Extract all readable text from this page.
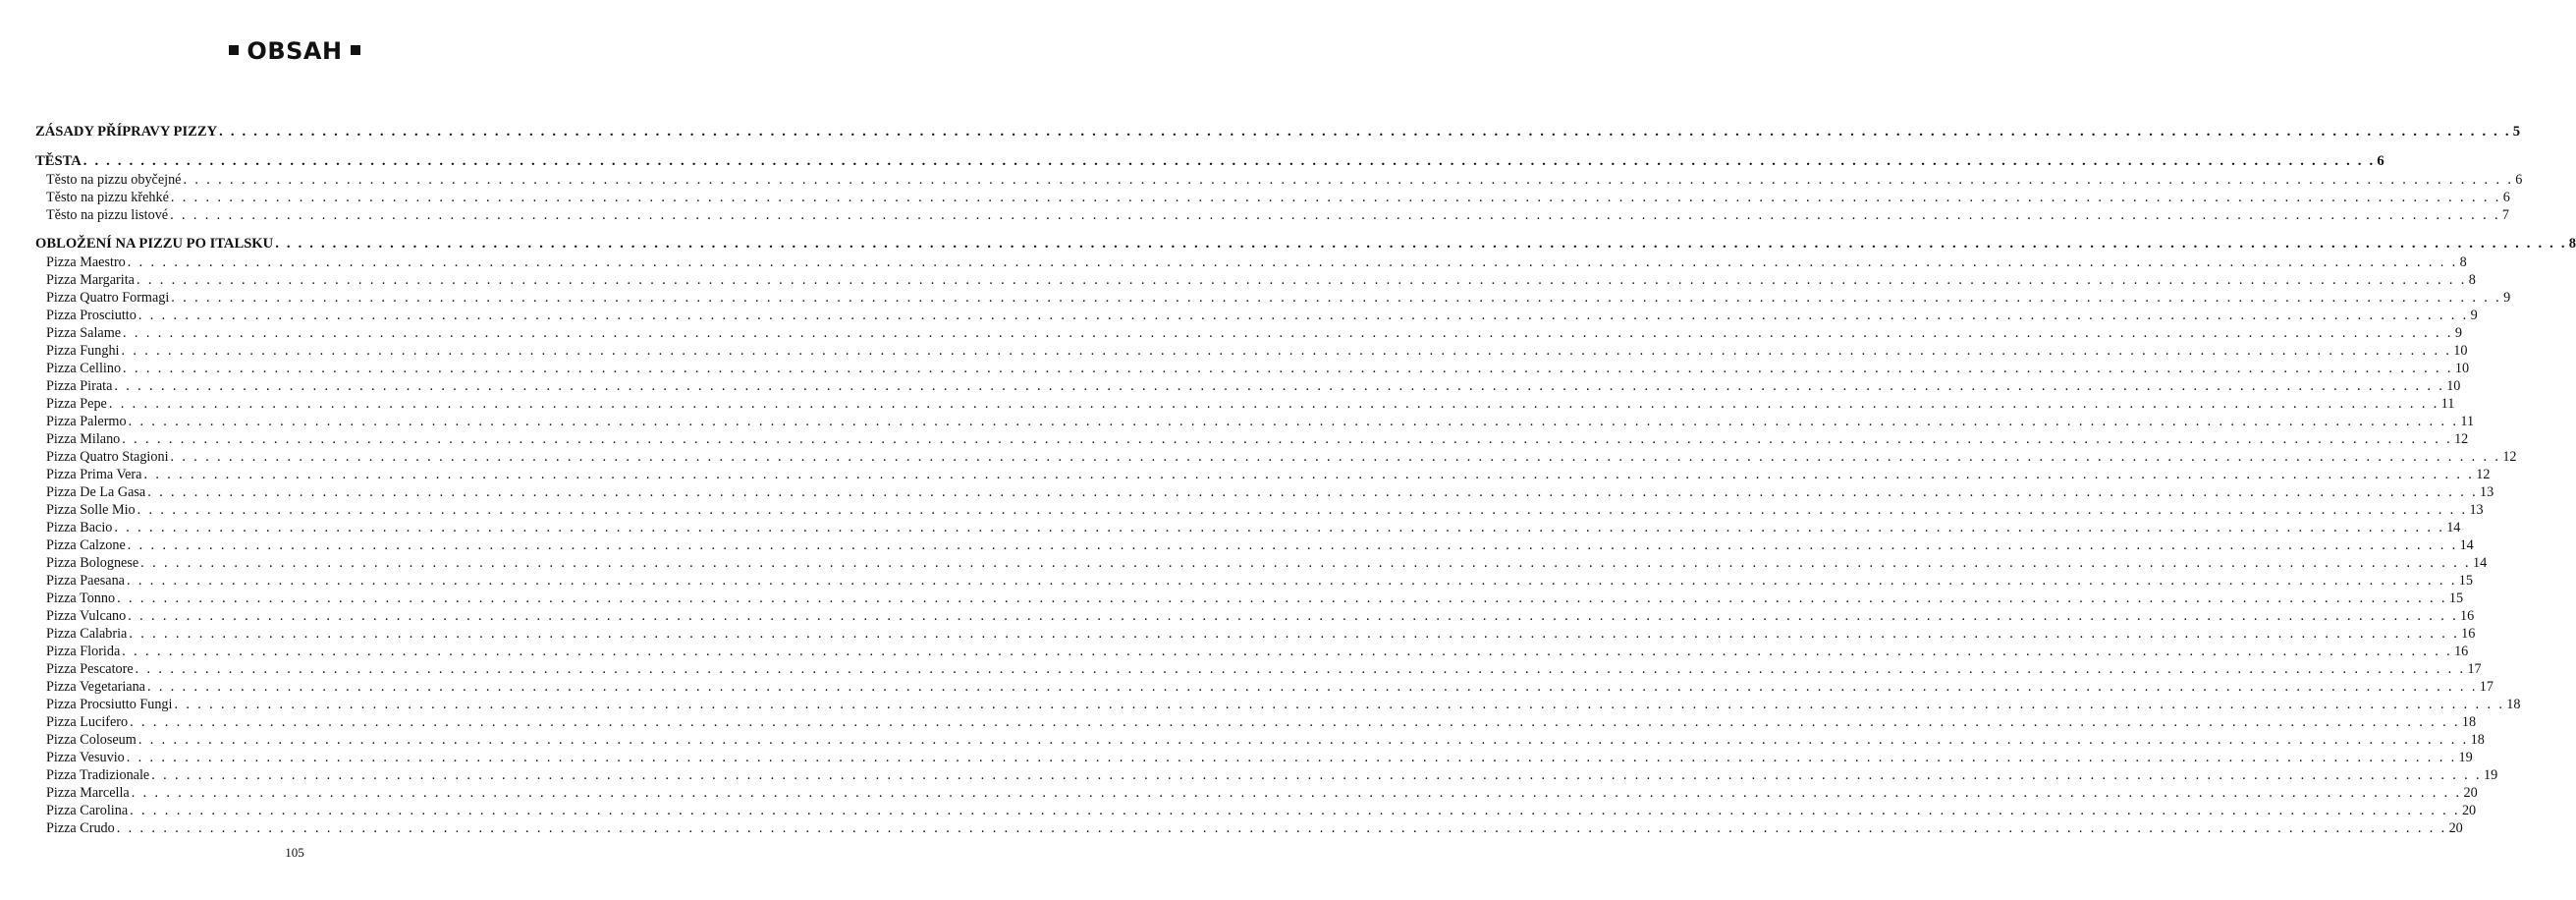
OBSAH
ZÁSADY PŘÍPRAVY PIZZY . . . . . . . . . . . . . . . . . . . . . . . . . . . . . . . . . . . . . . . . . . . . . . . . . . . . . . . . . . . . . . . . . . . . . . . . . . . . . . . . . . . . . . . . . . . . . . . . . . . . . . . . . . . . . . . . . . . . . . . . . . . . . . . . . . . . . . . . . . . . . . . . . . . . . . . . . . . . . . . . . . . . . . . . . . . . . . . . . . . . . . . . . . . . . . . . . . . . . . . . 5
TĚSTA . . . . . . . . . . . . . . . . . . . . . . . . . . . . . . . . . . . . . . . . . . . . . . . . . . . . . . . . . . . . . . . . . . . . . . . . . . . . . . . . . . . . . . . . . . . . . . . . . . . . . . . . . . . . . . . . . . . . . . . . . . . . . . . . . . . . . . . . . . . . . . . . . . . . . . . . . . . . . . . . . . . . . . . . . . . . . . . . . . . . . . . . . . . . . . . . . . . . . . . . 6
Těsto na pizzu obyčejné . . . . . . . . . . . . . . . . . . . . . . . . . . . . . . . . . . . . . . . . . . . . . . . . . . . . . . . . . . . . . . . . . . . . . . . . . . . . . . . . . . . . . . . . . . . . . . . . . . . . . . . . . . . . . . . . . . . . . . . . . . . . . . . . . . . . . . . . . . . . . . . . . . . . . . . . . . . . . . . . . . . . . . . . . . . . . . . . . . . . . . . . . . . . . . . . . . . . . . . . 6
Těsto na pizzu křehké . . . . . . . . . . . . . . . . . . . . . . . . . . . . . . . . . . . . . . . . . . . . . . . . . . . . . . . . . . . . . . . . . . . . . . . . . . . . . . . . . . . . . . . . . . . . . . . . . . . . . . . . . . . . . . . . . . . . . . . . . . . . . . . . . . . . . . . . . . . . . . . . . . . . . . . . . . . . . . . . . . . . . . . . . . . . . . . . . . . . . . . . . . . . . . . . . . . . . . . . 6
Těsto na pizzu listové . . . . . . . . . . . . . . . . . . . . . . . . . . . . . . . . . . . . . . . . . . . . . . . . . . . . . . . . . . . . . . . . . . . . . . . . . . . . . . . . . . . . . . . . . . . . . . . . . . . . . . . . . . . . . . . . . . . . . . . . . . . . . . . . . . . . . . . . . . . . . . . . . . . . . . . . . . . . . . . . . . . . . . . . . . . . . . . . . . . . . . . . . . . . . . . . . . . . . . . . 7
OBLOŽENÍ NA PIZZU PO ITALSKU . . . . . . . . . . . . . . . . . . . . . . . . . . . . . . . . . . . . . . . . . . . . . . . . . . . . . . . . . . . . . . . . . . . . . . . . . . . . . . . . . . . . . . . . . . . . . . . . . . . . . . . . . . . . . . . . . . . . . . . . . . . . . . . . . . . . . . . . . . . . . . . . . . . . . . . . . . . . . . . . . . . . . . . . . . . . . . . . . . . . . . . . . . . . . . . . . . . . . . . . 8
Pizza Maestro . . . . . . . . . . . . . . . . . . . . . . . . . . . . . . . . . . . . . . . . . . . . . . . . . . . . . . . . . . . . . . . . . . . . . . . . . . . . . . . . . . . . . . . . . . . . . . . . . . . . . . . . . . . . . . . . . . . . . . . . . . . . . . . . . . . . . . . . . . . . . . . . . . . . . . . . . . . . . . . . . . . . . . . . . . . . . . . . . . . . . . . . . . . . . . . . . . . . . . . . 8
Pizza Margarita . . . . . . . . . . . . . . . . . . . . . . . . . . . . . . . . . . . . . . . . . . . . . . . . . . . . . . . . . . . . . . . . . . . . . . . . . . . . . . . . . . . . . . . . . . . . . . . . . . . . . . . . . . . . . . . . . . . . . . . . . . . . . . . . . . . . . . . . . . . . . . . . . . . . . . . . . . . . . . . . . . . . . . . . . . . . . . . . . . . . . . . . . . . . . . . . . . . . . . . . 8
Pizza Quatro Formagi . . . . . . . . . . . . . . . . . . . . . . . . . . . . . . . . . . . . . . . . . . . . . . . . . . . . . . . . . . . . . . . . . . . . . . . . . . . . . . . . . . . . . . . . . . . . . . . . . . . . . . . . . . . . . . . . . . . . . . . . . . . . . . . . . . . . . . . . . . . . . . . . . . . . . . . . . . . . . . . . . . . . . . . . . . . . . . . . . . . . . . . . . . . . . . . . . . . . . . . . 9
Pizza Prosciutto . . . . . . . . . . . . . . . . . . . . . . . . . . . . . . . . . . . . . . . . . . . . . . . . . . . . . . . . . . . . . . . . . . . . . . . . . . . . . . . . . . . . . . . . . . . . . . . . . . . . . . . . . . . . . . . . . . . . . . . . . . . . . . . . . . . . . . . . . . . . . . . . . . . . . . . . . . . . . . . . . . . . . . . . . . . . . . . . . . . . . . . . . . . . . . . . . . . . . . . . 9
Pizza Salame . . . . . . . . . . . . . . . . . . . . . . . . . . . . . . . . . . . . . . . . . . . . . . . . . . . . . . . . . . . . . . . . . . . . . . . . . . . . . . . . . . . . . . . . . . . . . . . . . . . . . . . . . . . . . . . . . . . . . . . . . . . . . . . . . . . . . . . . . . . . . . . . . . . . . . . . . . . . . . . . . . . . . . . . . . . . . . . . . . . . . . . . . . . . . . . . . . . . . . . . 9
Pizza Funghi . . . . . . . . . . . . . . . . . . . . . . . . . . . . . . . . . . . . . . . . . . . . . . . . . . . . . . . . . . . . . . . . . . . . . . . . . . . . . . . . . . . . . . . . . . . . . . . . . . . . . . . . . . . . . . . . . . . . . . . . . . . . . . . . . . . . . . . . . . . . . . . . . . . . . . . . . . . . . . . . . . . . . . . . . . . . . . . . . . . . . . . . . . . . . . . . . . . . . . . . 10
Pizza Cellino . . . . . . . . . . . . . . . . . . . . . . . . . . . . . . . . . . . . . . . . . . . . . . . . . . . . . . . . . . . . . . . . . . . . . . . . . . . . . . . . . . . . . . . . . . . . . . . . . . . . . . . . . . . . . . . . . . . . . . . . . . . . . . . . . . . . . . . . . . . . . . . . . . . . . . . . . . . . . . . . . . . . . . . . . . . . . . . . . . . . . . . . . . . . . . . . . . . . . . . . 10
Pizza Pirata . . . . . . . . . . . . . . . . . . . . . . . . . . . . . . . . . . . . . . . . . . . . . . . . . . . . . . . . . . . . . . . . . . . . . . . . . . . . . . . . . . . . . . . . . . . . . . . . . . . . . . . . . . . . . . . . . . . . . . . . . . . . . . . . . . . . . . . . . . . . . . . . . . . . . . . . . . . . . . . . . . . . . . . . . . . . . . . . . . . . . . . . . . . . . . . . . . . . . . . . 10
Pizza Pepe . . . . . . . . . . . . . . . . . . . . . . . . . . . . . . . . . . . . . . . . . . . . . . . . . . . . . . . . . . . . . . . . . . . . . . . . . . . . . . . . . . . . . . . . . . . . . . . . . . . . . . . . . . . . . . . . . . . . . . . . . . . . . . . . . . . . . . . . . . . . . . . . . . . . . . . . . . . . . . . . . . . . . . . . . . . . . . . . . . . . . . . . . . . . . . . . . . . . . . . . 11
Pizza Palermo . . . . . . . . . . . . . . . . . . . . . . . . . . . . . . . . . . . . . . . . . . . . . . . . . . . . . . . . . . . . . . . . . . . . . . . . . . . . . . . . . . . . . . . . . . . . . . . . . . . . . . . . . . . . . . . . . . . . . . . . . . . . . . . . . . . . . . . . . . . . . . . . . . . . . . . . . . . . . . . . . . . . . . . . . . . . . . . . . . . . . . . . . . . . . . . . . . . . . . . . 11
Pizza Milano . . . . . . . . . . . . . . . . . . . . . . . . . . . . . . . . . . . . . . . . . . . . . . . . . . . . . . . . . . . . . . . . . . . . . . . . . . . . . . . . . . . . . . . . . . . . . . . . . . . . . . . . . . . . . . . . . . . . . . . . . . . . . . . . . . . . . . . . . . . . . . . . . . . . . . . . . . . . . . . . . . . . . . . . . . . . . . . . . . . . . . . . . . . . . . . . . . . . . . . . 12
Pizza Quatro Stagioni . . . . . . . . . . . . . . . . . . . . . . . . . . . . . . . . . . . . . . . . . . . . . . . . . . . . . . . . . . . . . . . . . . . . . . . . . . . . . . . . . . . . . . . . . . . . . . . . . . . . . . . . . . . . . . . . . . . . . . . . . . . . . . . . . . . . . . . . . . . . . . . . . . . . . . . . . . . . . . . . . . . . . . . . . . . . . . . . . . . . . . . . . . . . . . . . . . . . . . . . 12
Pizza Prima Vera . . . . . . . . . . . . . . . . . . . . . . . . . . . . . . . . . . . . . . . . . . . . . . . . . . . . . . . . . . . . . . . . . . . . . . . . . . . . . . . . . . . . . . . . . . . . . . . . . . . . . . . . . . . . . . . . . . . . . . . . . . . . . . . . . . . . . . . . . . . . . . . . . . . . . . . . . . . . . . . . . . . . . . . . . . . . . . . . . . . . . . . . . . . . . . . . . . . . . . . . 12
Pizza De La Gasa . . . . . . . . . . . . . . . . . . . . . . . . . . . . . . . . . . . . . . . . . . . . . . . . . . . . . . . . . . . . . . . . . . . . . . . . . . . . . . . . . . . . . . . . . . . . . . . . . . . . . . . . . . . . . . . . . . . . . . . . . . . . . . . . . . . . . . . . . . . . . . . . . . . . . . . . . . . . . . . . . . . . . . . . . . . . . . . . . . . . . . . . . . . . . . . . . . . . . . . . 13
Pizza Solle Mio . . . . . . . . . . . . . . . . . . . . . . . . . . . . . . . . . . . . . . . . . . . . . . . . . . . . . . . . . . . . . . . . . . . . . . . . . . . . . . . . . . . . . . . . . . . . . . . . . . . . . . . . . . . . . . . . . . . . . . . . . . . . . . . . . . . . . . . . . . . . . . . . . . . . . . . . . . . . . . . . . . . . . . . . . . . . . . . . . . . . . . . . . . . . . . . . . . . . . . . . 13
Pizza Bacio . . . . . . . . . . . . . . . . . . . . . . . . . . . . . . . . . . . . . . . . . . . . . . . . . . . . . . . . . . . . . . . . . . . . . . . . . . . . . . . . . . . . . . . . . . . . . . . . . . . . . . . . . . . . . . . . . . . . . . . . . . . . . . . . . . . . . . . . . . . . . . . . . . . . . . . . . . . . . . . . . . . . . . . . . . . . . . . . . . . . . . . . . . . . . . . . . . . . . . . . 14
Pizza Calzone . . . . . . . . . . . . . . . . . . . . . . . . . . . . . . . . . . . . . . . . . . . . . . . . . . . . . . . . . . . . . . . . . . . . . . . . . . . . . . . . . . . . . . . . . . . . . . . . . . . . . . . . . . . . . . . . . . . . . . . . . . . . . . . . . . . . . . . . . . . . . . . . . . . . . . . . . . . . . . . . . . . . . . . . . . . . . . . . . . . . . . . . . . . . . . . . . . . . . . . . 14
Pizza Bolognese . . . . . . . . . . . . . . . . . . . . . . . . . . . . . . . . . . . . . . . . . . . . . . . . . . . . . . . . . . . . . . . . . . . . . . . . . . . . . . . . . . . . . . . . . . . . . . . . . . . . . . . . . . . . . . . . . . . . . . . . . . . . . . . . . . . . . . . . . . . . . . . . . . . . . . . . . . . . . . . . . . . . . . . . . . . . . . . . . . . . . . . . . . . . . . . . . . . . . . . . 14
Pizza Paesana . . . . . . . . . . . . . . . . . . . . . . . . . . . . . . . . . . . . . . . . . . . . . . . . . . . . . . . . . . . . . . . . . . . . . . . . . . . . . . . . . . . . . . . . . . . . . . . . . . . . . . . . . . . . . . . . . . . . . . . . . . . . . . . . . . . . . . . . . . . . . . . . . . . . . . . . . . . . . . . . . . . . . . . . . . . . . . . . . . . . . . . . . . . . . . . . . . . . . . . . 15
Pizza Tonno . . . . . . . . . . . . . . . . . . . . . . . . . . . . . . . . . . . . . . . . . . . . . . . . . . . . . . . . . . . . . . . . . . . . . . . . . . . . . . . . . . . . . . . . . . . . . . . . . . . . . . . . . . . . . . . . . . . . . . . . . . . . . . . . . . . . . . . . . . . . . . . . . . . . . . . . . . . . . . . . . . . . . . . . . . . . . . . . . . . . . . . . . . . . . . . . . . . . . . . . 15
Pizza Vulcano . . . . . . . . . . . . . . . . . . . . . . . . . . . . . . . . . . . . . . . . . . . . . . . . . . . . . . . . . . . . . . . . . . . . . . . . . . . . . . . . . . . . . . . . . . . . . . . . . . . . . . . . . . . . . . . . . . . . . . . . . . . . . . . . . . . . . . . . . . . . . . . . . . . . . . . . . . . . . . . . . . . . . . . . . . . . . . . . . . . . . . . . . . . . . . . . . . . . . . . . 16
Pizza Calabria . . . . . . . . . . . . . . . . . . . . . . . . . . . . . . . . . . . . . . . . . . . . . . . . . . . . . . . . . . . . . . . . . . . . . . . . . . . . . . . . . . . . . . . . . . . . . . . . . . . . . . . . . . . . . . . . . . . . . . . . . . . . . . . . . . . . . . . . . . . . . . . . . . . . . . . . . . . . . . . . . . . . . . . . . . . . . . . . . . . . . . . . . . . . . . . . . . . . . . . . 16
Pizza Florida . . . . . . . . . . . . . . . . . . . . . . . . . . . . . . . . . . . . . . . . . . . . . . . . . . . . . . . . . . . . . . . . . . . . . . . . . . . . . . . . . . . . . . . . . . . . . . . . . . . . . . . . . . . . . . . . . . . . . . . . . . . . . . . . . . . . . . . . . . . . . . . . . . . . . . . . . . . . . . . . . . . . . . . . . . . . . . . . . . . . . . . . . . . . . . . . . . . . . . . . 16
Pizza Pescatore . . . . . . . . . . . . . . . . . . . . . . . . . . . . . . . . . . . . . . . . . . . . . . . . . . . . . . . . . . . . . . . . . . . . . . . . . . . . . . . . . . . . . . . . . . . . . . . . . . . . . . . . . . . . . . . . . . . . . . . . . . . . . . . . . . . . . . . . . . . . . . . . . . . . . . . . . . . . . . . . . . . . . . . . . . . . . . . . . . . . . . . . . . . . . . . . . . . . . . . . 17
Pizza Vegetariana . . . . . . . . . . . . . . . . . . . . . . . . . . . . . . . . . . . . . . . . . . . . . . . . . . . . . . . . . . . . . . . . . . . . . . . . . . . . . . . . . . . . . . . . . . . . . . . . . . . . . . . . . . . . . . . . . . . . . . . . . . . . . . . . . . . . . . . . . . . . . . . . . . . . . . . . . . . . . . . . . . . . . . . . . . . . . . . . . . . . . . . . . . . . . . . . . . . . . . . . 17
Pizza Procsiutto Fungi . . . . . . . . . . . . . . . . . . . . . . . . . . . . . . . . . . . . . . . . . . . . . . . . . . . . . . . . . . . . . . . . . . . . . . . . . . . . . . . . . . . . . . . . . . . . . . . . . . . . . . . . . . . . . . . . . . . . . . . . . . . . . . . . . . . . . . . . . . . . . . . . . . . . . . . . . . . . . . . . . . . . . . . . . . . . . . . . . . . . . . . . . . . . . . . . . . . . . . . . 18
Pizza Lucifero . . . . . . . . . . . . . . . . . . . . . . . . . . . . . . . . . . . . . . . . . . . . . . . . . . . . . . . . . . . . . . . . . . . . . . . . . . . . . . . . . . . . . . . . . . . . . . . . . . . . . . . . . . . . . . . . . . . . . . . . . . . . . . . . . . . . . . . . . . . . . . . . . . . . . . . . . . . . . . . . . . . . . . . . . . . . . . . . . . . . . . . . . . . . . . . . . . . . . . . . 18
Pizza Coloseum . . . . . . . . . . . . . . . . . . . . . . . . . . . . . . . . . . . . . . . . . . . . . . . . . . . . . . . . . . . . . . . . . . . . . . . . . . . . . . . . . . . . . . . . . . . . . . . . . . . . . . . . . . . . . . . . . . . . . . . . . . . . . . . . . . . . . . . . . . . . . . . . . . . . . . . . . . . . . . . . . . . . . . . . . . . . . . . . . . . . . . . . . . . . . . . . . . . . . . . . 18
Pizza Vesuvio . . . . . . . . . . . . . . . . . . . . . . . . . . . . . . . . . . . . . . . . . . . . . . . . . . . . . . . . . . . . . . . . . . . . . . . . . . . . . . . . . . . . . . . . . . . . . . . . . . . . . . . . . . . . . . . . . . . . . . . . . . . . . . . . . . . . . . . . . . . . . . . . . . . . . . . . . . . . . . . . . . . . . . . . . . . . . . . . . . . . . . . . . . . . . . . . . . . . . . . . 19
Pizza Tradizionale . . . . . . . . . . . . . . . . . . . . . . . . . . . . . . . . . . . . . . . . . . . . . . . . . . . . . . . . . . . . . . . . . . . . . . . . . . . . . . . . . . . . . . . . . . . . . . . . . . . . . . . . . . . . . . . . . . . . . . . . . . . . . . . . . . . . . . . . . . . . . . . . . . . . . . . . . . . . . . . . . . . . . . . . . . . . . . . . . . . . . . . . . . . . . . . . . . . . . . . . 19
Pizza Marcella . . . . . . . . . . . . . . . . . . . . . . . . . . . . . . . . . . . . . . . . . . . . . . . . . . . . . . . . . . . . . . . . . . . . . . . . . . . . . . . . . . . . . . . . . . . . . . . . . . . . . . . . . . . . . . . . . . . . . . . . . . . . . . . . . . . . . . . . . . . . . . . . . . . . . . . . . . . . . . . . . . . . . . . . . . . . . . . . . . . . . . . . . . . . . . . . . . . . . . . . 20
Pizza Carolina . . . . . . . . . . . . . . . . . . . . . . . . . . . . . . . . . . . . . . . . . . . . . . . . . . . . . . . . . . . . . . . . . . . . . . . . . . . . . . . . . . . . . . . . . . . . . . . . . . . . . . . . . . . . . . . . . . . . . . . . . . . . . . . . . . . . . . . . . . . . . . . . . . . . . . . . . . . . . . . . . . . . . . . . . . . . . . . . . . . . . . . . . . . . . . . . . . . . . . . . 20
Pizza Crudo . . . . . . . . . . . . . . . . . . . . . . . . . . . . . . . . . . . . . . . . . . . . . . . . . . . . . . . . . . . . . . . . . . . . . . . . . . . . . . . . . . . . . . . . . . . . . . . . . . . . . . . . . . . . . . . . . . . . . . . . . . . . . . . . . . . . . . . . . . . . . . . . . . . . . . . . . . . . . . . . . . . . . . . . . . . . . . . . . . . . . . . . . . . . . . . . . . . . . . . . 20
105
